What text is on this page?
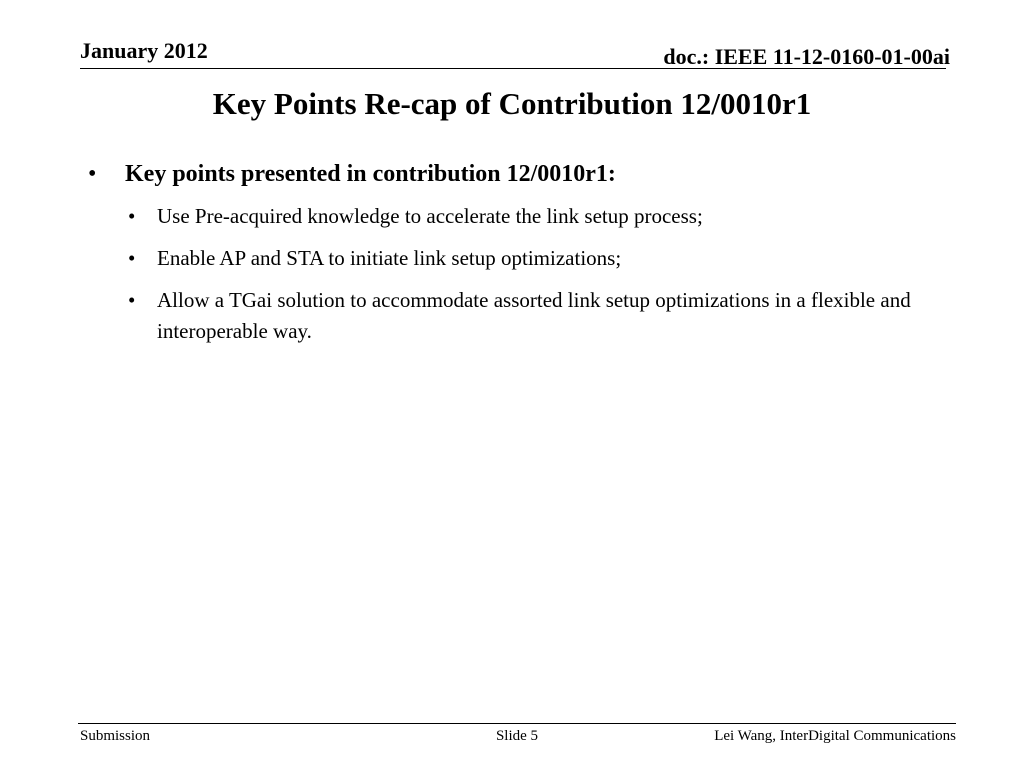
January 2012	doc.: IEEE 11-12-0160-01-00ai
Key Points Re-cap of Contribution 12/0010r1
• Key points presented in contribution 12/0010r1:
• Use Pre-acquired knowledge to accelerate the link setup process;
• Enable AP and STA to initiate link setup optimizations;
• Allow a TGai solution to accommodate assorted link setup optimizations in a flexible and interoperable way.
Submission	Slide 5	Lei Wang, InterDigital Communications
